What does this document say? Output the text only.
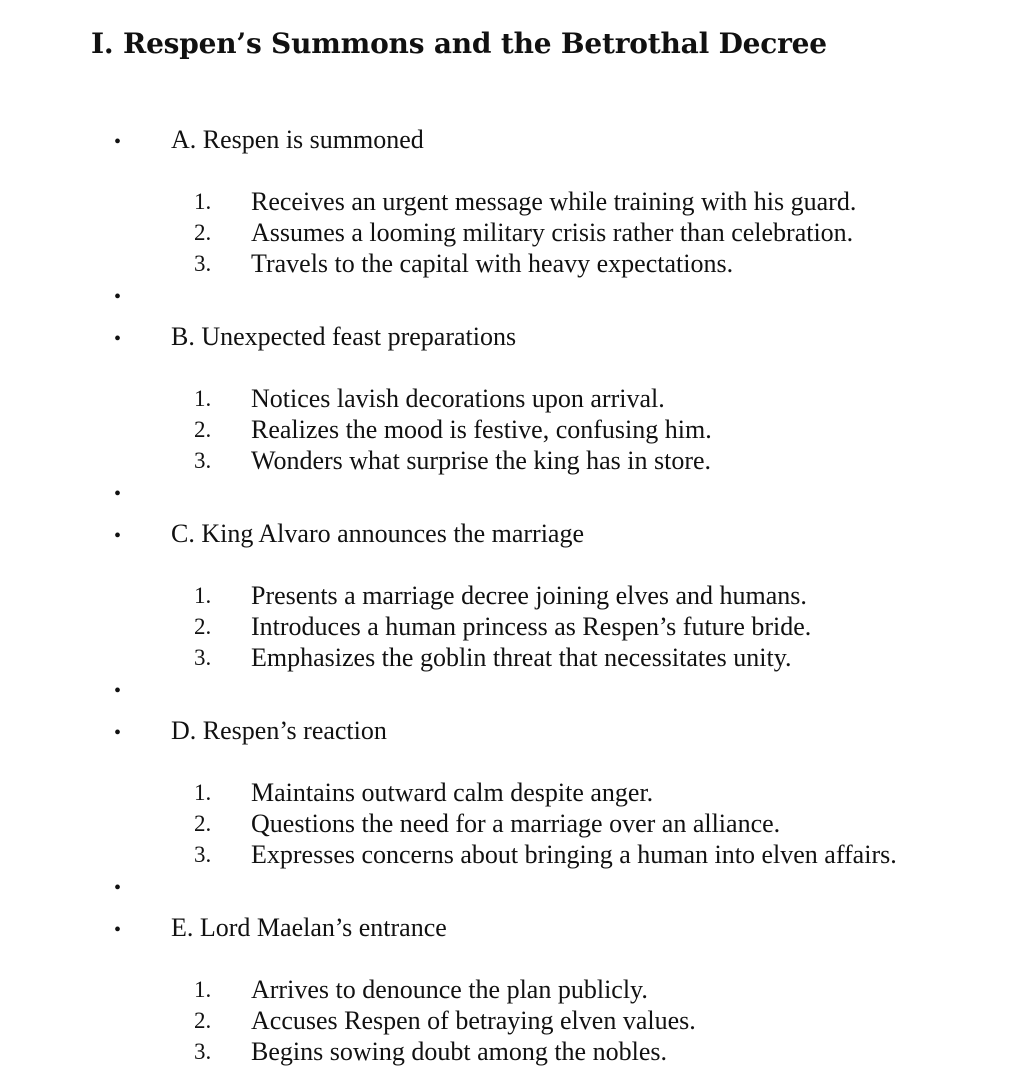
I. Respen’s Summons and the Betrothal Decree
• A. Respen is summoned
1.	Receives an urgent message while training with his guard.
2.	Assumes a looming military crisis rather than celebration.
3.	Travels to the capital with heavy expectations.
•
• B. Unexpected feast preparations
1.	Notices lavish decorations upon arrival.
2.	Realizes the mood is festive, confusing him.
3.	Wonders what surprise the king has in store.
•
• C. King Alvaro announces the marriage
1.	Presents a marriage decree joining elves and humans.
2.	Introduces a human princess as Respen’s future bride.
3.	Emphasizes the goblin threat that necessitates unity.
•
• D. Respen’s reaction
1.	Maintains outward calm despite anger.
2.	Questions the need for a marriage over an alliance.
3.	Expresses concerns about bringing a human into elven affairs.
•
• E. Lord Maelan’s entrance
1.	Arrives to denounce the plan publicly.
2.	Accuses Respen of betraying elven values.
3.	Begins sowing doubt among the nobles.
